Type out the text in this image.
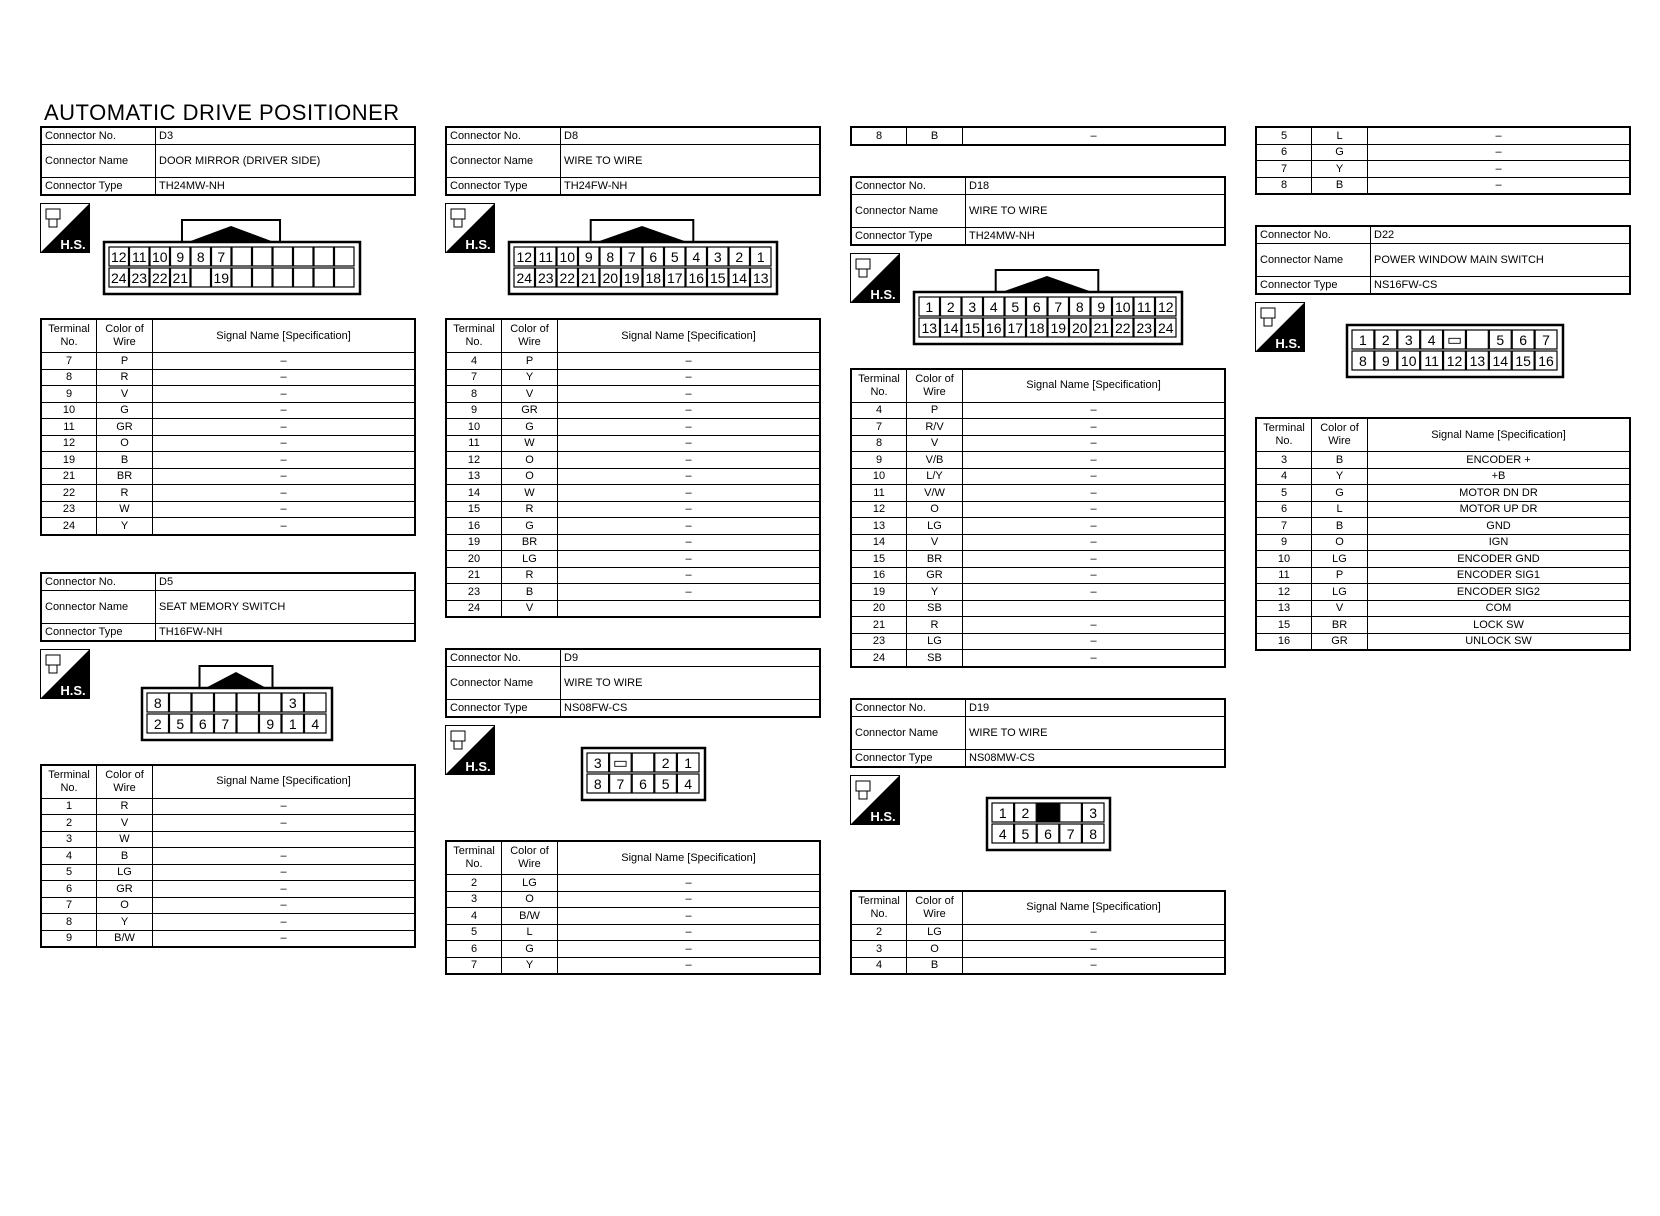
AUTOMATIC DRIVE POSITIONER
Connector No.	D3
Connector Name	DOOR MIRROR (DRIVER SIDE)
Connector Type	TH24MW-NH
H.S.
12 11 10 9 8 7
24 23 22 21 19
Terminal No.	Color of Wire	Signal Name [Specification]
7	P	–
8	R	–
9	V	–
10	G	–
11	GR	–
12	O	–
19	B	–
21	BR	–
22	R	–
23	W	–
24	Y	–
Connector No.	D5
Connector Name	SEAT MEMORY SWITCH
Connector Type	TH16FW-NH
H.S.
8	3
2 5 6 7	9 1 4
Terminal No.	Color of Wire	Signal Name [Specification]
1	R	–
2	V	–
3	W	
4	B	–
5	LG	–
6	GR	–
7	O	–
8	Y	–
9	B/W	–
Connector No.	D8
Connector Name	WIRE TO WIRE
Connector Type	TH24FW-NH
H.S.
12 11 10 9 8 7 6 5 4 3 2 1
24 23 22 21 20 19 18 17 16 15 14 13
Terminal No.	Color of Wire	Signal Name [Specification]
4	P	–
7	Y	–
8	V	–
9	GR	–
10	G	–
11	W	–
12	O	–
13	O	–
14	W	–
15	R	–
16	G	–
19	BR	–
20	LG	–
21	R	–
23	B	–
24	V	
Connector No.	D9
Connector Name	WIRE TO WIRE
Connector Type	NS08FW-CS
H.S.	3 ▭ 2 1
8 7 6 5 4
Terminal No.	Color of Wire	Signal Name [Specification]
2	LG	–
3	O	–
4	B/W	–
5	L	–
6	G	–
7	Y	–
8	B	–
Connector No.	D18
Connector Name	WIRE TO WIRE
Connector Type	TH24MW-NH
H.S.
1 2 3 4 5 6 7 8 9 10 11 12
13 14 15 16 17 18 19 20 21 22 23 24
Terminal No.	Color of Wire	Signal Name [Specification]
4	P	–
7	R/V	–
8	V	–
9	V/B	–
10	L/Y	–
11	V/W	–
12	O	–
13	LG	–
14	V	–
15	BR	–
16	GR	–
19	Y	–
20	SB	
21	R	–
23	LG	–
24	SB	–
Connector No.	D19
Connector Name	WIRE TO WIRE
Connector Type	NS08MW-CS
H.S.	1 2	3
4 5 6 7 8
Terminal No.	Color of Wire	Signal Name [Specification]
2	LG	–
3	O	–
4	B	–
5	L	–
6	G	–
7	Y	–
8	B	–
Connector No.	D22
Connector Name	POWER WINDOW MAIN SWITCH
Connector Type	NS16FW-CS
H.S.	1 2 3 4 ▭ 5 6 7
8 9 10 11 12 13 14 15 16
Terminal No.	Color of Wire	Signal Name [Specification]
3	B	ENCODER +
4	Y	+B
5	G	MOTOR DN DR
6	L	MOTOR UP DR
7	B	GND
9	O	IGN
10	LG	ENCODER GND
11	P	ENCODER SIG1
12	LG	ENCODER SIG2
13	V	COM
15	BR	LOCK SW
16	GR	UNLOCK SW
